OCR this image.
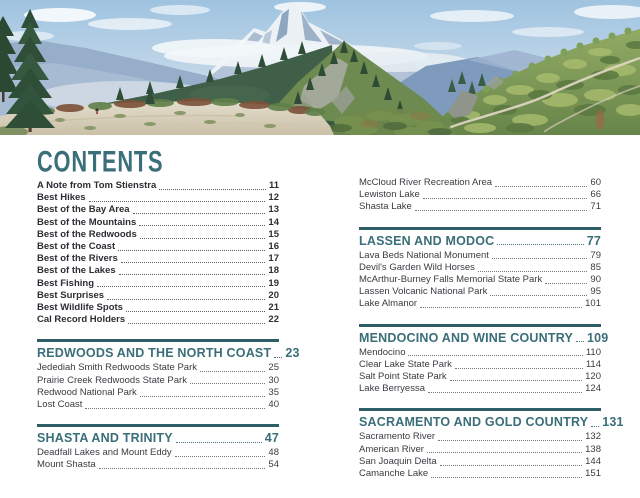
CONTENTS
A Note from Tom Stienstra	11
Best Hikes	12
Best of the Bay Area	13
Best of the Mountains	14
Best of the Redwoods	15
Best of the Coast	16
Best of the Rivers	17
Best of the Lakes	18
Best Fishing	19
Best Surprises	20
Best Wildlife Spots	21
Cal Record Holders	22
REDWOODS AND THE NORTH COAST 23
Jedediah Smith Redwoods State Park	25
Prairie Creek Redwoods State Park	30
Redwood National Park	35
Lost Coast	40
SHASTA AND TRINITY	47
Deadfall Lakes and Mount Eddy	48
Mount Shasta	54
McCloud River Recreation Area	60
Lewiston Lake	66
Shasta Lake	71
LASSEN AND MODOC	77
Lava Beds National Monument	79
Devil's Garden Wild Horses	85
McArthur-Burney Falls Memorial State Park	90
Lassen Volcanic National Park	95
Lake Almanor	101
MENDOCINO AND WINE COUNTRY 109
Mendocino	110
Clear Lake State Park	114
Salt Point State Park	120
Lake Berryessa	124
SACRAMENTO AND GOLD COUNTRY 131
Sacramento River	132
American River	138
San Joaquin Delta	144
Camanche Lake	151
